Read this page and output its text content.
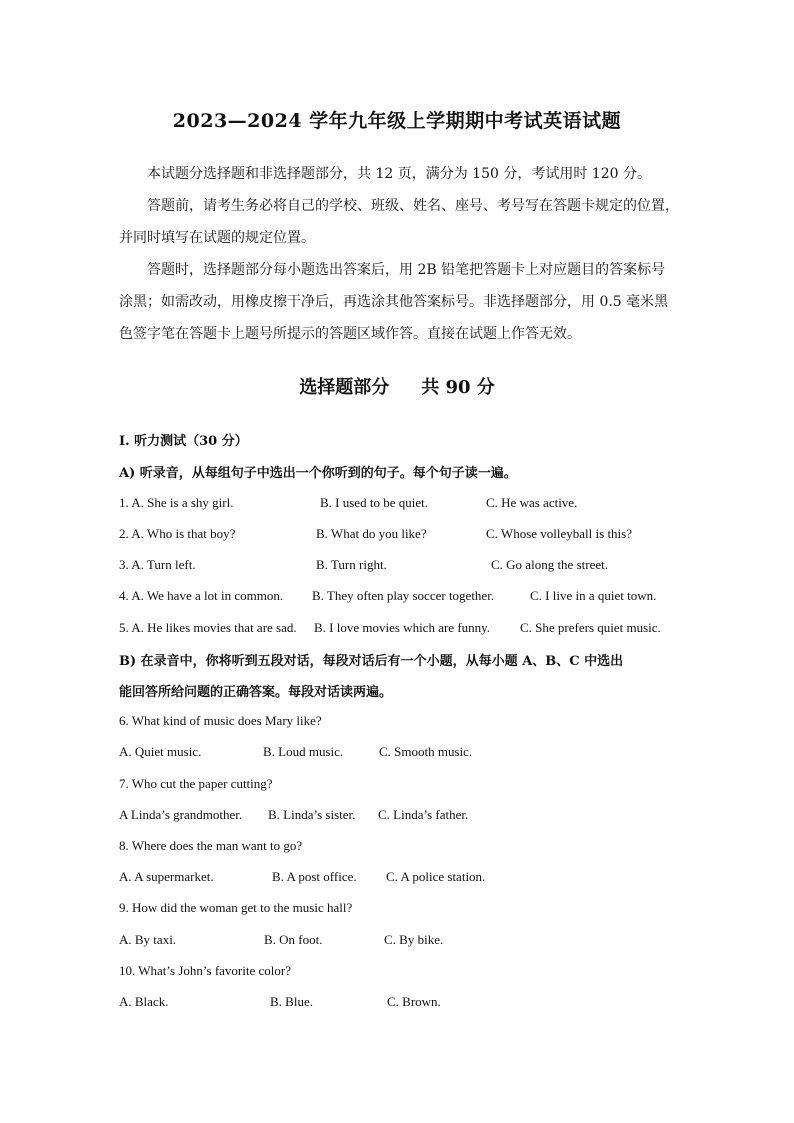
2023—2024 学年九年级上学期期中考试英语试题
本试题分选择题和非选择题部分，共 12 页，满分为 150 分，考试用时 120 分。
答题前，请考生务必将自己的学校、班级、姓名、座号、考号写在答题卡规定的位置，并同时填写在试题的规定位置。
答题时，选择题部分每小题选出答案后，用 2B 铅笔把答题卡上对应题目的答案标号涂黑；如需改动，用橡皮擦干净后，再选涂其他答案标号。非选择题部分，用 0.5 毫米黑色签字笔在答题卡上题号所提示的答题区域作答。直接在试题上作答无效。
选择题部分 共 90 分
I. 听力测试（30 分）
A) 听录音，从每组句子中选出一个你听到的句子。每个句子读一遍。
1. A. She is a shy girl.	B. I used to be quiet.	C. He was active.
2. A. Who is that boy?	B. What do you like?	C. Whose volleyball is this?
3. A. Turn left.	B. Turn right.	C. Go along the street.
4. A. We have a lot in common. B. They often play soccer together.	C. I live in a quiet town.
5. A. He likes movies that are sad. B. I love movies which are funny. C. She prefers quiet music.
B) 在录音中，你将听到五段对话，每段对话后有一个小题，从每小题 A、B、C 中选出
能回答所给问题的正确答案。每段对话读两遍。
6. What kind of music does Mary like?
A. Quiet music.	B. Loud music.	C. Smooth music.
7. Who cut the paper cutting?
A Linda’s grandmother. B. Linda’s sister. C. Linda’s father.
8. Where does the man want to go?
A. A supermarket.	B. A post office. C. A police station.
9. How did the woman get to the music hall?
A. By taxi.	B. On foot.	C. By bike.
10. What’s John’s favorite color?
A. Black.	B. Blue.	C. Brown.
